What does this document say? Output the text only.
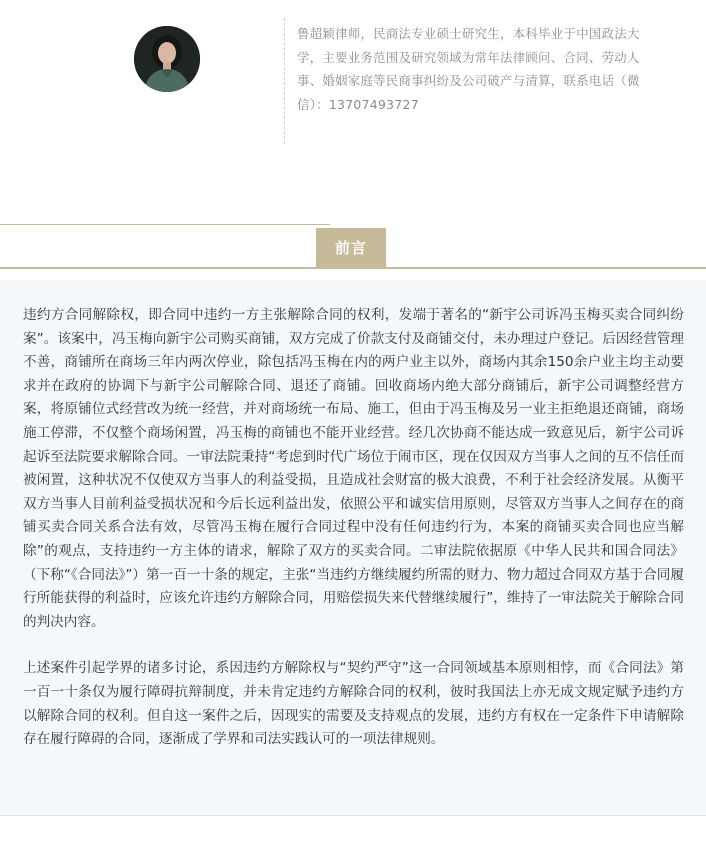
鲁超颖律师，民商法专业硕士研究生，本科毕业于中国政法大学，主要业务范围及研究领域为常年法律顾问、合同、劳动人事、婚姻家庭等民商事纠纷及公司破产与清算，联系电话（微信）：13707493727

前言

违约方合同解除权，即合同中违约一方主张解除合同的权利，发端于著名的“新宇公司诉冯玉梅买卖合同纠纷案”。该案中，冯玉梅向新宇公司购买商铺，双方完成了价款支付及商铺交付，未办理过户登记。后因经营管理不善，商铺所在商场三年内两次停业，除包括冯玉梅在内的两户业主以外，商场内其余150余户业主均主动要求并在政府的协调下与新宇公司解除合同、退还了商铺。回收商场内绝大部分商铺后，新宇公司调整经营方案，将原铺位式经营改为统一经营，并对商场统一布局、施工，但由于冯玉梅及另一业主拒绝退还商铺，商场施工停滞，不仅整个商场闲置，冯玉梅的商铺也不能开业经营。经几次协商不能达成一致意见后，新宇公司诉起诉至法院要求解除合同。一审法院秉持“考虑到时代广场位于闹市区，现在仅因双方当事人之间的互不信任而被闲置，这种状况不仅使双方当事人的利益受损，且造成社会财富的极大浪费，不利于社会经济发展。从衡平双方当事人目前利益受损状况和今后长远利益出发，依照公平和诚实信用原则，尽管双方当事人之间存在的商铺买卖合同关系合法有效，尽管冯玉梅在履行合同过程中没有任何违约行为，本案的商铺买卖合同也应当解除”的观点，支持违约一方主体的请求，解除了双方的买卖合同。二审法院依据原《中华人民共和国合同法》（下称“《合同法》”）第一百一十条的规定，主张“当违约方继续履约所需的财力、物力超过合同双方基于合同履行所能获得的利益时，应该允许违约方解除合同，用赔偿损失来代替继续履行”，维持了一审法院关于解除合同的判决内容。

上述案件引起学界的诸多讨论，系因违约方解除权与“契约严守”这一合同领域基本原则相悖，而《合同法》第一百一十条仅为履行障碍抗辩制度，并未肯定违约方解除合同的权利，彼时我国法上亦无成文规定赋予违约方以解除合同的权利。但自这一案件之后，因现实的需要及支持观点的发展，违约方有权在一定条件下申请解除存在履行障碍的合同，逐渐成了学界和司法实践认可的一项法律规则。
